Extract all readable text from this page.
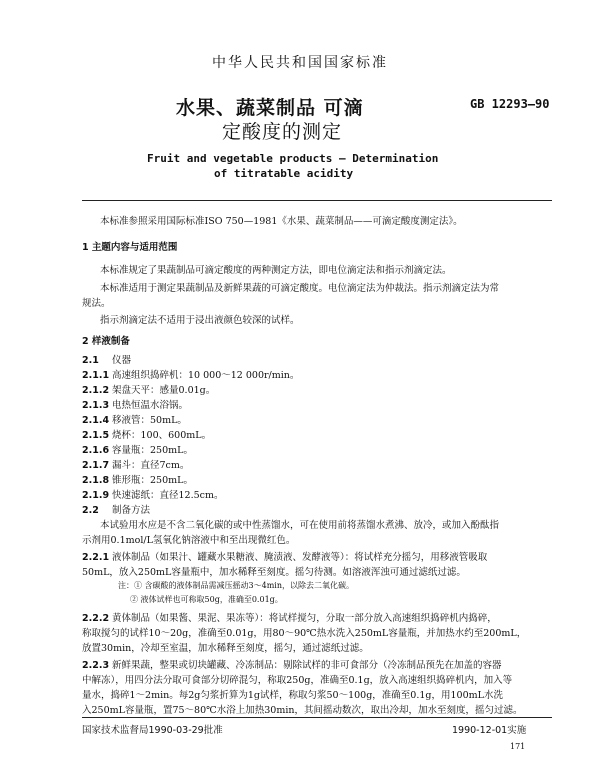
中华人民共和国国家标准
水果、蔬菜制品 可滴
定酸度的测定
GB 12293—90
Fruit and vegetable products — Determination
of titratable acidity
本标准参照采用国际标准ISO 750—1981《水果、蔬菜制品——可滴定酸度测定法》。
1 主题内容与适用范围
本标准规定了果蔬制品可滴定酸度的两种测定方法，即电位滴定法和指示剂滴定法。
本标准适用于测定果蔬制品及新鲜果蔬的可滴定酸度。电位滴定法为仲裁法。指示剂滴定法为常
规法。
指示剂滴定法不适用于浸出液颜色较深的试样。
2 样液制备
2.1 仪器
2.1.1 高速组织捣碎机：10 000～12 000r/min。
2.1.2 架盘天平：感量0.01g。
2.1.3 电热恒温水浴锅。
2.1.4 移液管：50mL。
2.1.5 烧杯：100、600mL。
2.1.6 容量瓶：250mL。
2.1.7 漏斗：直径7cm。
2.1.8 锥形瓶：250mL。
2.1.9 快速滤纸：直径12.5cm。
2.2 制备方法
本试验用水应是不含二氧化碳的或中性蒸馏水，可在使用前将蒸馏水煮沸、放冷，或加入酚酞指
示剂用0.1mol/L氢氧化钠溶液中和至出现微红色。
2.2.1 液体制品（如果汁、罐藏水果糖液、腌渍液、发酵液等）：将试样充分摇匀，用移液管吸取
50mL，放入250mL容量瓶中，加水稀释至刻度。摇匀待测。如溶液浑浊可通过滤纸过滤。
注：① 含碳酸的液体制品需减压摇动3～4min，以除去二氧化碳。
② 液体试样也可称取50g，准确至0.01g。
2.2.2 黄体制品（如果酱、果泥、果冻等）：将试样搅匀，分取一部分放入高速组织捣碎机内捣碎，
称取搅匀的试样10～20g，准确至0.01g，用80～90℃热水洗入250mL容量瓶，并加热水约至200mL，
放置30min，冷却至室温，加水稀释至刻度，摇匀，通过滤纸过滤。
2.2.3 新鲜果蔬，整果或切块罐藏、冷冻制品：剔除试样的非可食部分（冷冻制品预先在加盖的容器
中解冻），用四分法分取可食部分切碎混匀，称取250g，准确至0.1g，放入高速组织捣碎机内，加入等
量水，捣碎1～2min。每2g匀浆折算为1g试样，称取匀浆50～100g，准确至0.1g，用100mL水洗
入250mL容量瓶，置75～80℃水浴上加热30min，其间摇动数次，取出冷却，加水至刻度，摇匀过滤。
国家技术监督局1990-03-29批准	1990-12-01实施
171
